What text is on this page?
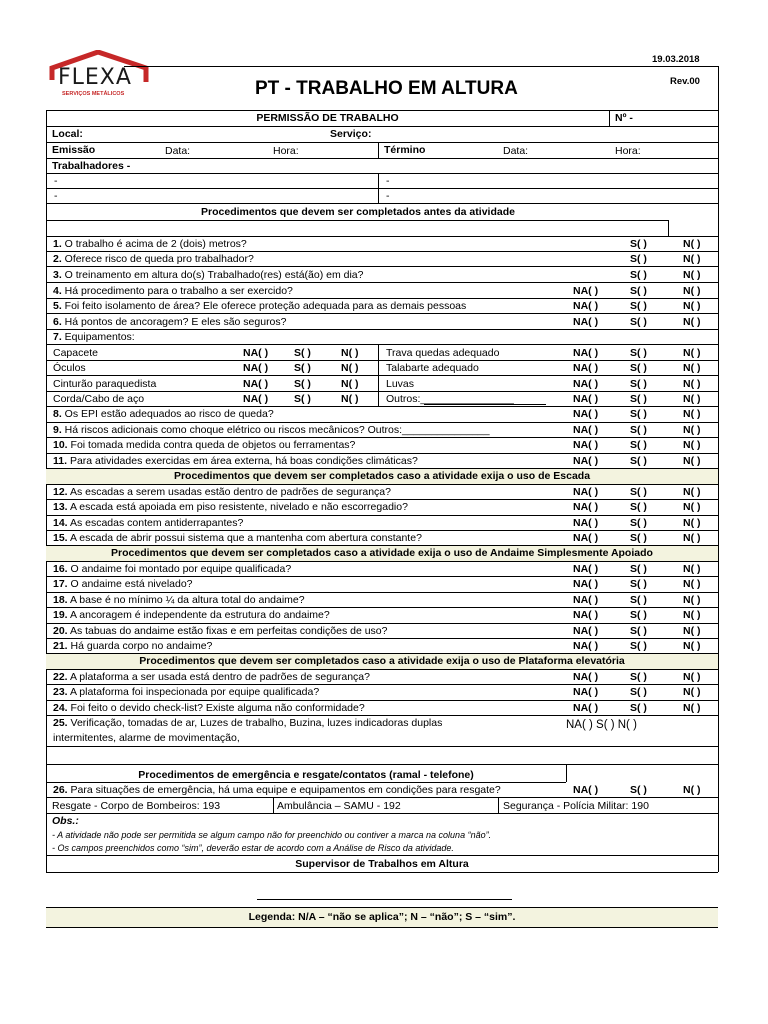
FLEXA
SERVIÇOS METÁLICOS	PT - TRABALHO EM ALTURA
19.03.2018
Rev.00
PERMISSÃO DE TRABALHO	Nº -
Local:	Serviço:
Emissão	Data:	Hora:	Término	Data:	Hora:
Trabalhadores -
-	-
-	-
Procedimentos que devem ser completados antes da atividade
1. O trabalho é acima de 2 (dois) metros?	S( )	N( )
2. Oferece risco de queda pro trabalhador?	S( )	N( )
3. O treinamento em altura do(s) Trabalhado(res) está(ão) em dia?	S( )	N( )
4. Há procedimento para o trabalho a ser exercido?	NA( )	S( )	N( )
5. Foi feito isolamento de área? Ele oferece proteção adequada para as demais pessoas	NA( )	S( )	N( )
6. Há pontos de ancoragem? E eles são seguros?	NA( )	S( )	N( )
7. Equipamentos:
Capacete	NA( ) S( )	N( )	Trava quedas adequado	NA( )	S( )	N( )
Óculos	NA( ) S( )	N( )	Talabarte adequado	NA( )	S( )	N( )
Cinturão paraquedista	NA( ) S( )	N( )	Luvas	NA( )	S( )	N( )
Corda/Cabo de aço	NA( ) S( )	N( )	Outros:________________	NA( )	S( )	N( )
8. Os EPI estão adequados ao risco de queda?	NA( )	S( )	N( )
9. Há riscos adicionais como choque elétrico ou riscos mecânicos? Outros:_______________	NA( )	S( )	N( )
10. Foi tomada medida contra queda de objetos ou ferramentas?	NA( )	S( )	N( )
11. Para atividades exercidas em área externa, há boas condições climáticas?	NA( )	S( )	N( )
Procedimentos que devem ser completados caso a atividade exija o uso de Escada
12. As escadas a serem usadas estão dentro de padrões de segurança?	NA( )	S( )	N( )
13. A escada está apoiada em piso resistente, nivelado e não escorregadio?	NA( )	S( )	N( )
14. As escadas contem antiderrapantes?	NA( )	S( )	N( )
15. A escada de abrir possui sistema que a mantenha com abertura constante?	NA( )	S( )	N( )
Procedimentos que devem ser completados caso a atividade exija o uso de Andaime Simplesmente Apoiado
16. O andaime foi montado por equipe qualificada?	NA( )	S( )	N( )
17. O andaime está nivelado?	NA( )	S( )	N( )
18. A base é no mínimo ¼ da altura total do andaime?	NA( )	S( )	N( )
19. A ancoragem é independente da estrutura do andaime?	NA( )	S( )	N( )
20. As tabuas do andaime estão fixas e em perfeitas condições de uso?	NA( )	S( )	N( )
21. Há guarda corpo no andaime?	NA( )	S( )	N( )
Procedimentos que devem ser completados caso a atividade exija o uso de Plataforma elevatória
22. A plataforma a ser usada está dentro de padrões de segurança?	NA( )	S( )	N( )
23. A plataforma foi inspecionada por equipe qualificada?	NA( )	S( )	N( )
24. Foi feito o devido check-list? Existe alguma não conformidade?	NA( )	S( )	N( )
25. Verificação, tomadas de ar, Luzes de trabalho, Buzina, luzes indicadoras duplas
intermitentes, alarme de movimentação,
NA( ) S( ) N( )
Procedimentos de emergência e resgate/contatos (ramal - telefone)
26. Para situações de emergência, há uma equipe e equipamentos em condições para resgate?	NA( )	S( )	N( )
Resgate - Corpo de Bombeiros: 193	Ambulância – SAMU - 192	Segurança - Polícia Militar: 190
Obs.:
- A atividade não pode ser permitida se algum campo não for preenchido ou contiver a marca na coluna “não”.
- Os campos preenchidos como “sim”, deverão estar de acordo com a Análise de Risco da atividade.
Supervisor de Trabalhos em Altura
Legenda: N/A – “não se aplica”; N – “não”; S – “sim”.
